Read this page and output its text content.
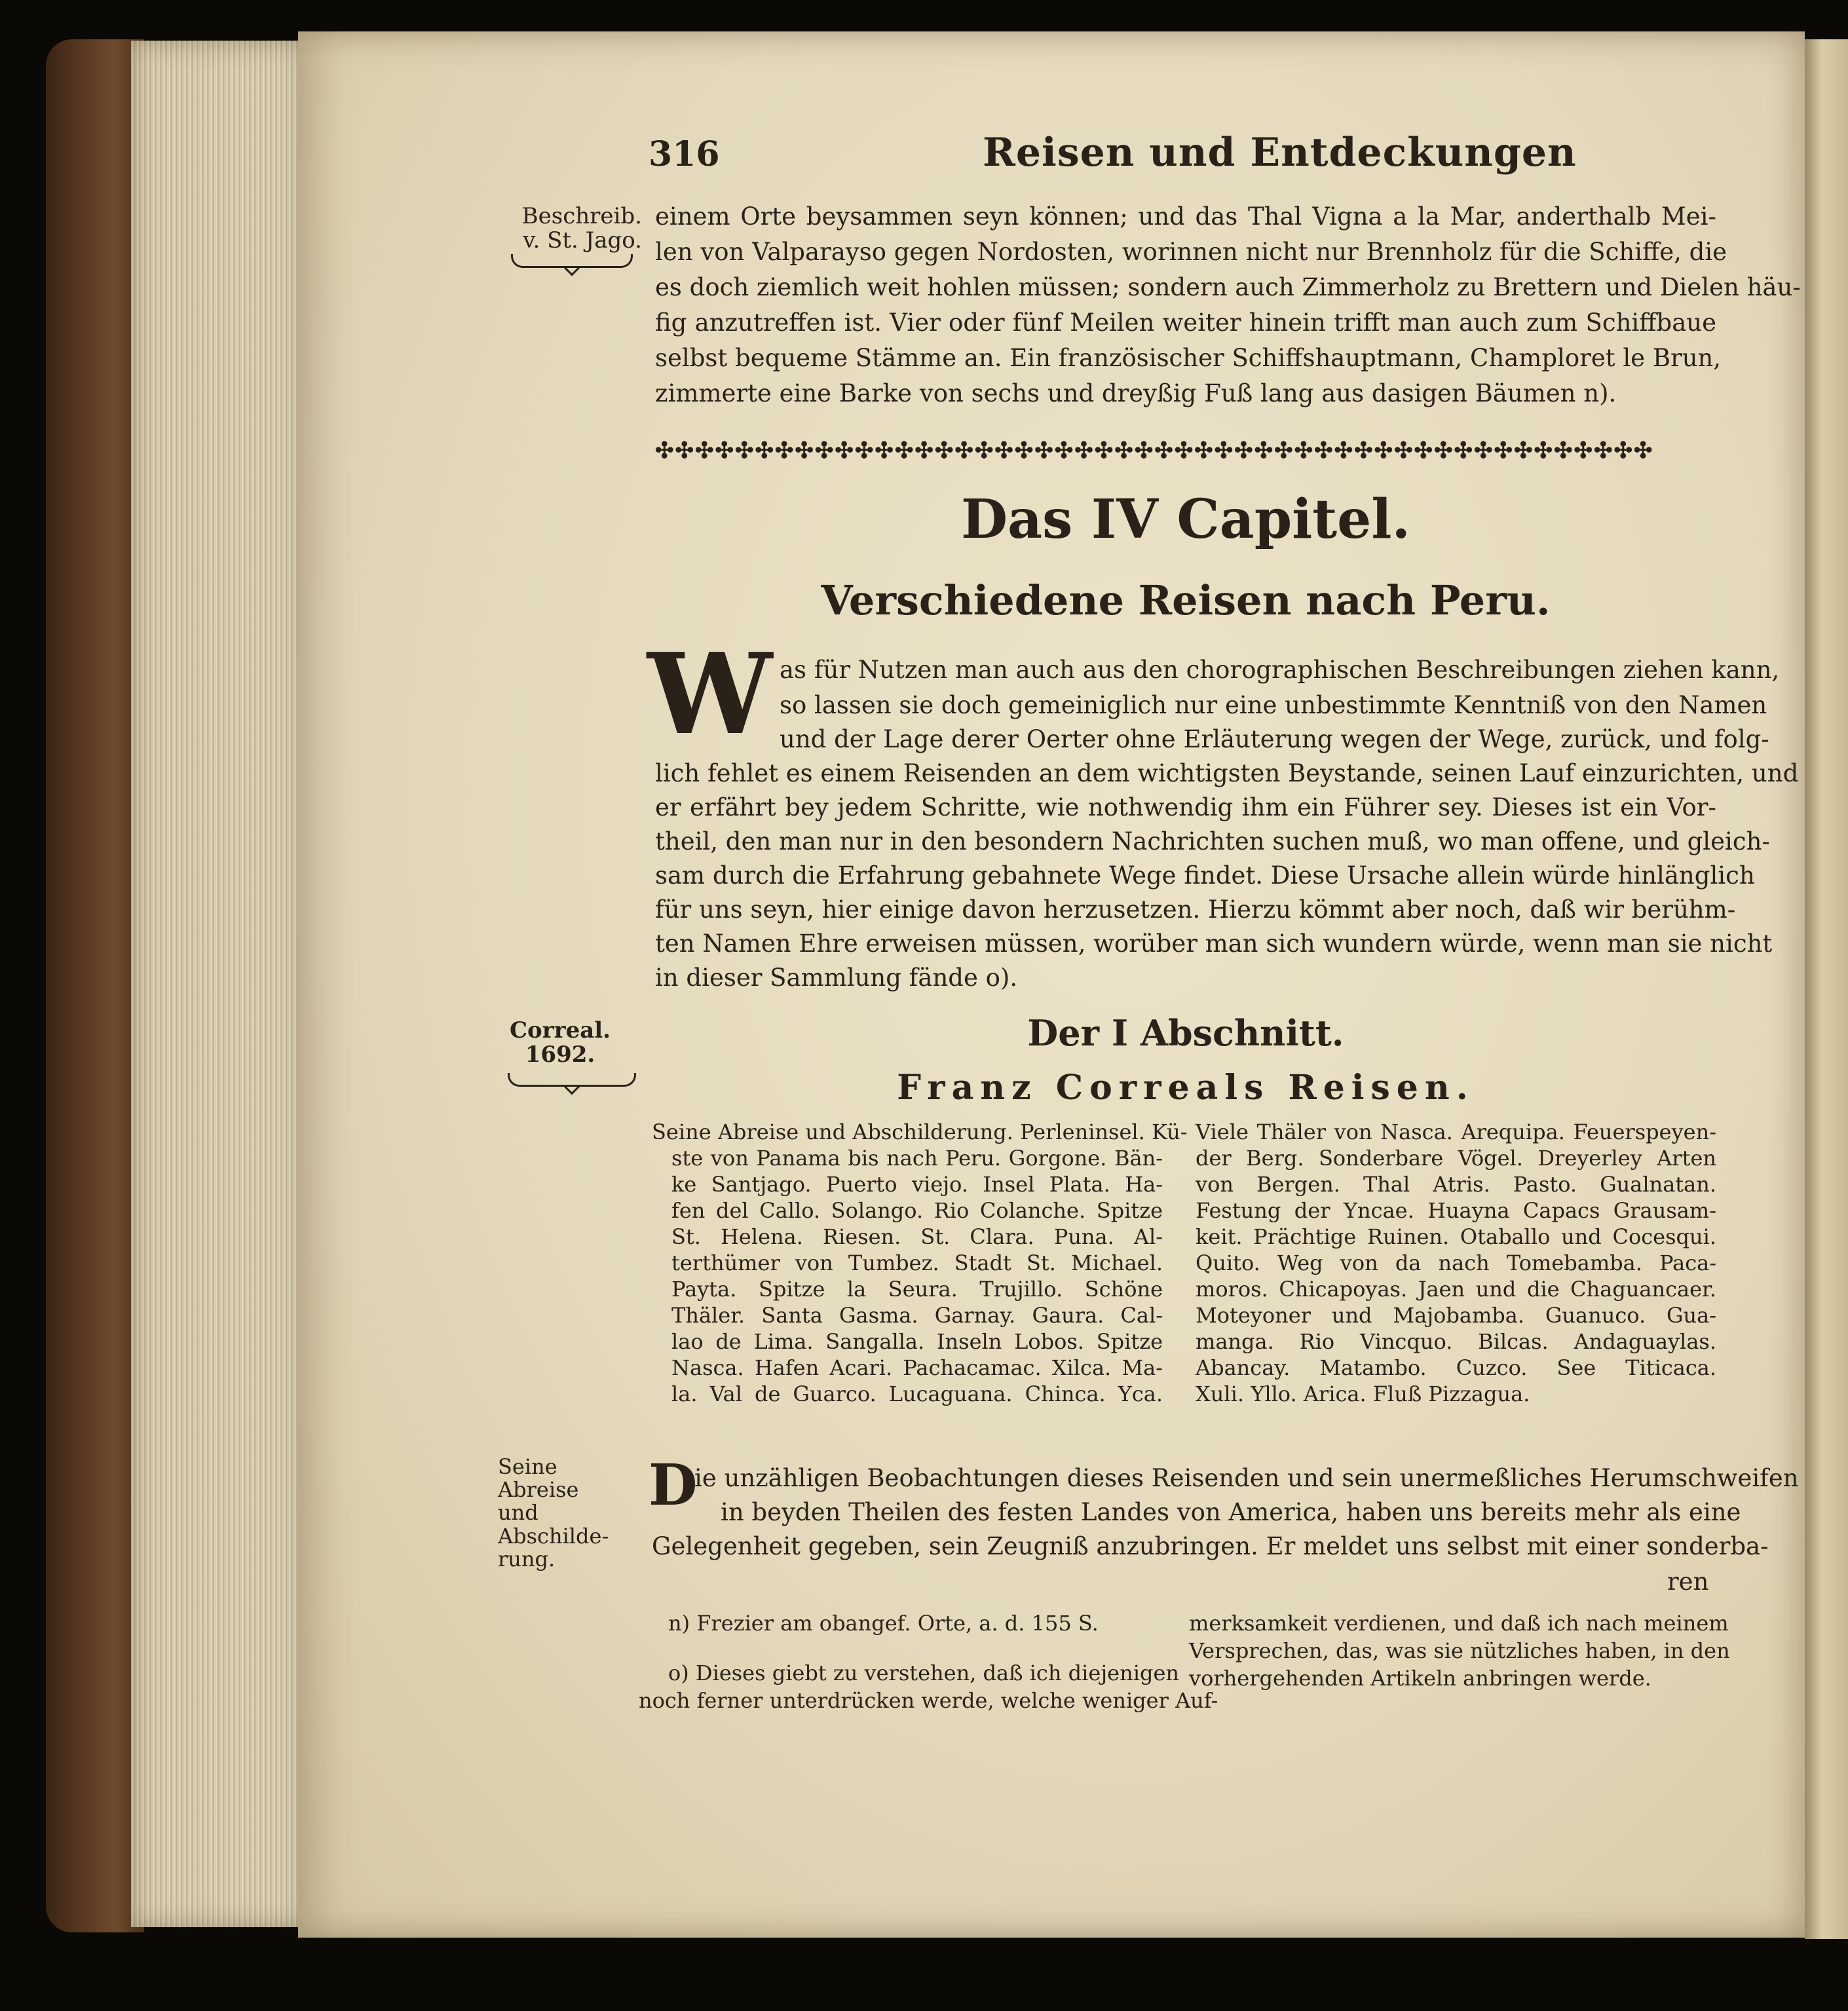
316	Reisen und Entdeckungen
Beschreib.
v. St. Jago.
einem Orte beysammen seyn können; und das Thal Vigna a la Mar, anderthalb Mei-
len von Valparayso gegen Nordosten, worinnen nicht nur Brennholz für die Schiffe, die
es doch ziemlich weit hohlen müssen; sondern auch Zimmerholz zu Brettern und Dielen häu-
fig anzutreffen ist. Vier oder fünf Meilen weiter hinein trifft man auch zum Schiffbaue
selbst bequeme Stämme an. Ein französischer Schiffshauptmann, Champloret le Brun,
zimmerte eine Barke von sechs und dreyßig Fuß lang aus dasigen Bäumen n).
✣✣✣✣✣✣✣✣✣✣✣✣✣✣✣✣✣✣✣✣✣✣✣✣✣✣✣✣✣✣✣✣✣✣✣✣✣✣✣✣✣✣✣✣✣✣✣✣✣✣
Das IV Capitel.
Verschiedene Reisen nach Peru.
W as für Nutzen man auch aus den chorographischen Beschreibungen ziehen kann,
so lassen sie doch gemeiniglich nur eine unbestimmte Kenntniß von den Namen
und der Lage derer Oerter ohne Erläuterung wegen der Wege, zurück, und folg-
lich fehlet es einem Reisenden an dem wichtigsten Beystande, seinen Lauf einzurichten, und
er erfährt bey jedem Schritte, wie nothwendig ihm ein Führer sey. Dieses ist ein Vor-
theil, den man nur in den besondern Nachrichten suchen muß, wo man offene, und gleich-
sam durch die Erfahrung gebahnete Wege findet. Diese Ursache allein würde hinlänglich
für uns seyn, hier einige davon herzusetzen. Hierzu kömmt aber noch, daß wir berühm-
ten Namen Ehre erweisen müssen, worüber man sich wundern würde, wenn man sie nicht
in dieser Sammlung fände o).
Correal.
1692.
Der I Abschnitt.
Franz Correals Reisen.
Seine Abreise und Abschilderung. Perleninsel. Kü-
ste von Panama bis nach Peru. Gorgone. Bän-
ke Santjago. Puerto viejo. Insel Plata. Ha-
fen del Callo. Solango. Rio Colanche. Spitze
St. Helena. Riesen. St. Clara. Puna. Al-
terthümer von Tumbez. Stadt St. Michael.
Payta. Spitze la Seura. Trujillo. Schöne
Thäler. Santa Gasma. Garnay. Gaura. Cal-
lao de Lima. Sangalla. Inseln Lobos. Spitze
Nasca. Hafen Acari. Pachacamac. Xilca. Ma-
la. Val de Guarco. Lucaguana. Chinca. Yca.
Viele Thäler von Nasca. Arequipa. Feuerspeyen-
der Berg. Sonderbare Vögel. Dreyerley Arten
von Bergen. Thal Atris. Pasto. Gualnatan.
Festung der Yncae. Huayna Capacs Grausam-
keit. Prächtige Ruinen. Otaballo und Cocesqui.
Quito. Weg von da nach Tomebamba. Paca-
moros. Chicapoyas. Jaen und die Chaguancaer.
Moteyoner und Majobamba. Guanuco. Gua-
manga. Rio Vincquo. Bilcas. Andaguaylas.
Abancay. Matambo. Cuzco. See Titicaca.
Xuli. Yllo. Arica. Fluß Pizzagua.
Seine Abreise
und Abschilde-
rung.
D
ie unzähligen Beobachtungen dieses Reisenden und sein unermeßliches Herumschweifen
in beyden Theilen des festen Landes von America, haben uns bereits mehr als eine
Gelegenheit gegeben, sein Zeugniß anzubringen. Er meldet uns selbst mit einer sonderba-
ren
n) Frezier am obangef. Orte, a. d. 155 S.
o) Dieses giebt zu verstehen, daß ich diejenigen
noch ferner unterdrücken werde, welche weniger Auf-
merksamkeit verdienen, und daß ich nach meinem
Versprechen, das, was sie nützliches haben, in den
vorhergehenden Artikeln anbringen werde.
